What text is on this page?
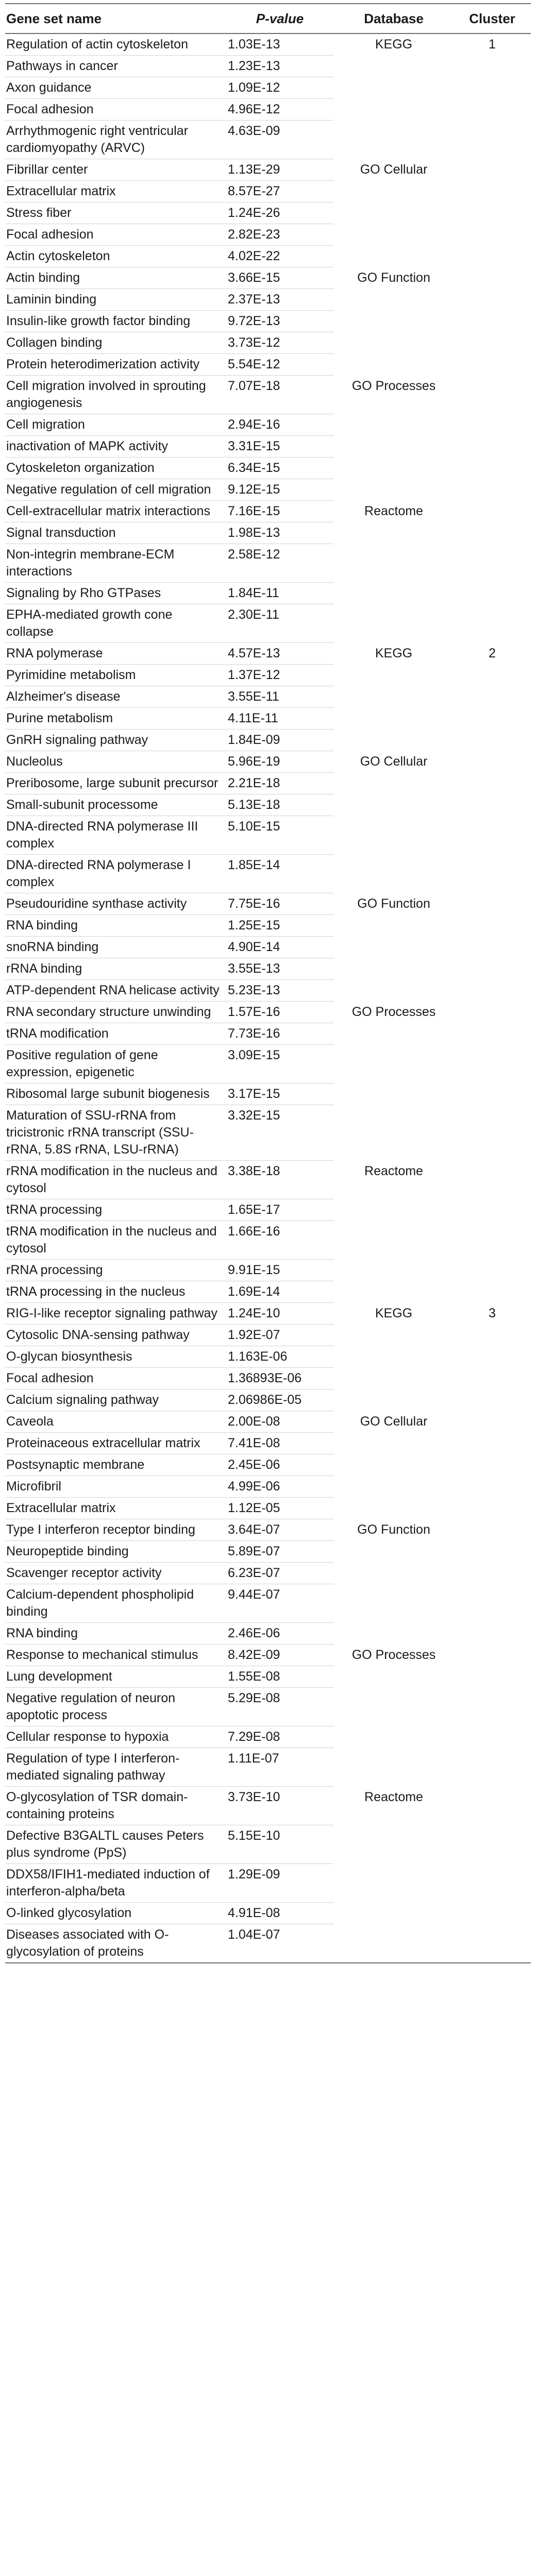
Gene set name	P-value	Database	Cluster
Regulation of actin cytoskeleton	1.03E-13	KEGG	1
Pathways in cancer	1.23E-13		
Axon guidance	1.09E-12		
Focal adhesion	4.96E-12		
Arrhythmogenic right ventricular cardiomyopathy (ARVC)	4.63E-09		
Fibrillar center	1.13E-29	GO Cellular	
Extracellular matrix	8.57E-27		
Stress fiber	1.24E-26		
Focal adhesion	2.82E-23		
Actin cytoskeleton	4.02E-22		
Actin binding	3.66E-15	GO Function	
Laminin binding	2.37E-13		
Insulin-like growth factor binding	9.72E-13		
Collagen binding	3.73E-12		
Protein heterodimerization activity	5.54E-12		
Cell migration involved in sprouting angiogenesis	7.07E-18	GO Processes	
Cell migration	2.94E-16		
inactivation of MAPK activity	3.31E-15		
Cytoskeleton organization	6.34E-15		
Negative regulation of cell migration	9.12E-15		
Cell-extracellular matrix interactions	7.16E-15	Reactome	
Signal transduction	1.98E-13		
Non-integrin membrane-ECM interactions	2.58E-12		
Signaling by Rho GTPases	1.84E-11		
EPHA-mediated growth cone collapse	2.30E-11		
RNA polymerase	4.57E-13	KEGG	2
Pyrimidine metabolism	1.37E-12		
Alzheimer's disease	3.55E-11		
Purine metabolism	4.11E-11		
GnRH signaling pathway	1.84E-09		
Nucleolus	5.96E-19	GO Cellular	
Preribosome, large subunit precursor	2.21E-18		
Small-subunit processome	5.13E-18		
DNA-directed RNA polymerase III complex	5.10E-15		
DNA-directed RNA polymerase I complex	1.85E-14		
Pseudouridine synthase activity	7.75E-16	GO Function	
RNA binding	1.25E-15		
snoRNA binding	4.90E-14		
rRNA binding	3.55E-13		
ATP-dependent RNA helicase activity	5.23E-13		
RNA secondary structure unwinding	1.57E-16	GO Processes	
tRNA modification	7.73E-16		
Positive regulation of gene expression, epigenetic	3.09E-15		
Ribosomal large subunit biogenesis	3.17E-15		
Maturation of SSU-rRNA from tricistronic rRNA transcript (SSU-rRNA, 5.8S rRNA, LSU-rRNA)	3.32E-15		
rRNA modification in the nucleus and cytosol	3.38E-18	Reactome	
tRNA processing	1.65E-17		
tRNA modification in the nucleus and cytosol	1.66E-16		
rRNA processing	9.91E-15		
tRNA processing in the nucleus	1.69E-14		
RIG-I-like receptor signaling pathway	1.24E-10	KEGG	3
Cytosolic DNA-sensing pathway	1.92E-07		
O-glycan biosynthesis	1.163E-06		
Focal adhesion	1.36893E-06		
Calcium signaling pathway	2.06986E-05		
Caveola	2.00E-08	GO Cellular	
Proteinaceous extracellular matrix	7.41E-08		
Postsynaptic membrane	2.45E-06		
Microfibril	4.99E-06		
Extracellular matrix	1.12E-05		
Type I interferon receptor binding	3.64E-07	GO Function	
Neuropeptide binding	5.89E-07		
Scavenger receptor activity	6.23E-07		
Calcium-dependent phospholipid binding	9.44E-07		
RNA binding	2.46E-06		
Response to mechanical stimulus	8.42E-09	GO Processes	
Lung development	1.55E-08		
Negative regulation of neuron apoptotic process	5.29E-08		
Cellular response to hypoxia	7.29E-08		
Regulation of type I interferon-mediated signaling pathway	1.11E-07		
O-glycosylation of TSR domain-containing proteins	3.73E-10	Reactome	
Defective B3GALTL causes Peters plus syndrome (PpS)	5.15E-10		
DDX58/IFIH1-mediated induction of interferon-alpha/beta	1.29E-09		
O-linked glycosylation	4.91E-08		
Diseases associated with O-glycosylation of proteins	1.04E-07		
